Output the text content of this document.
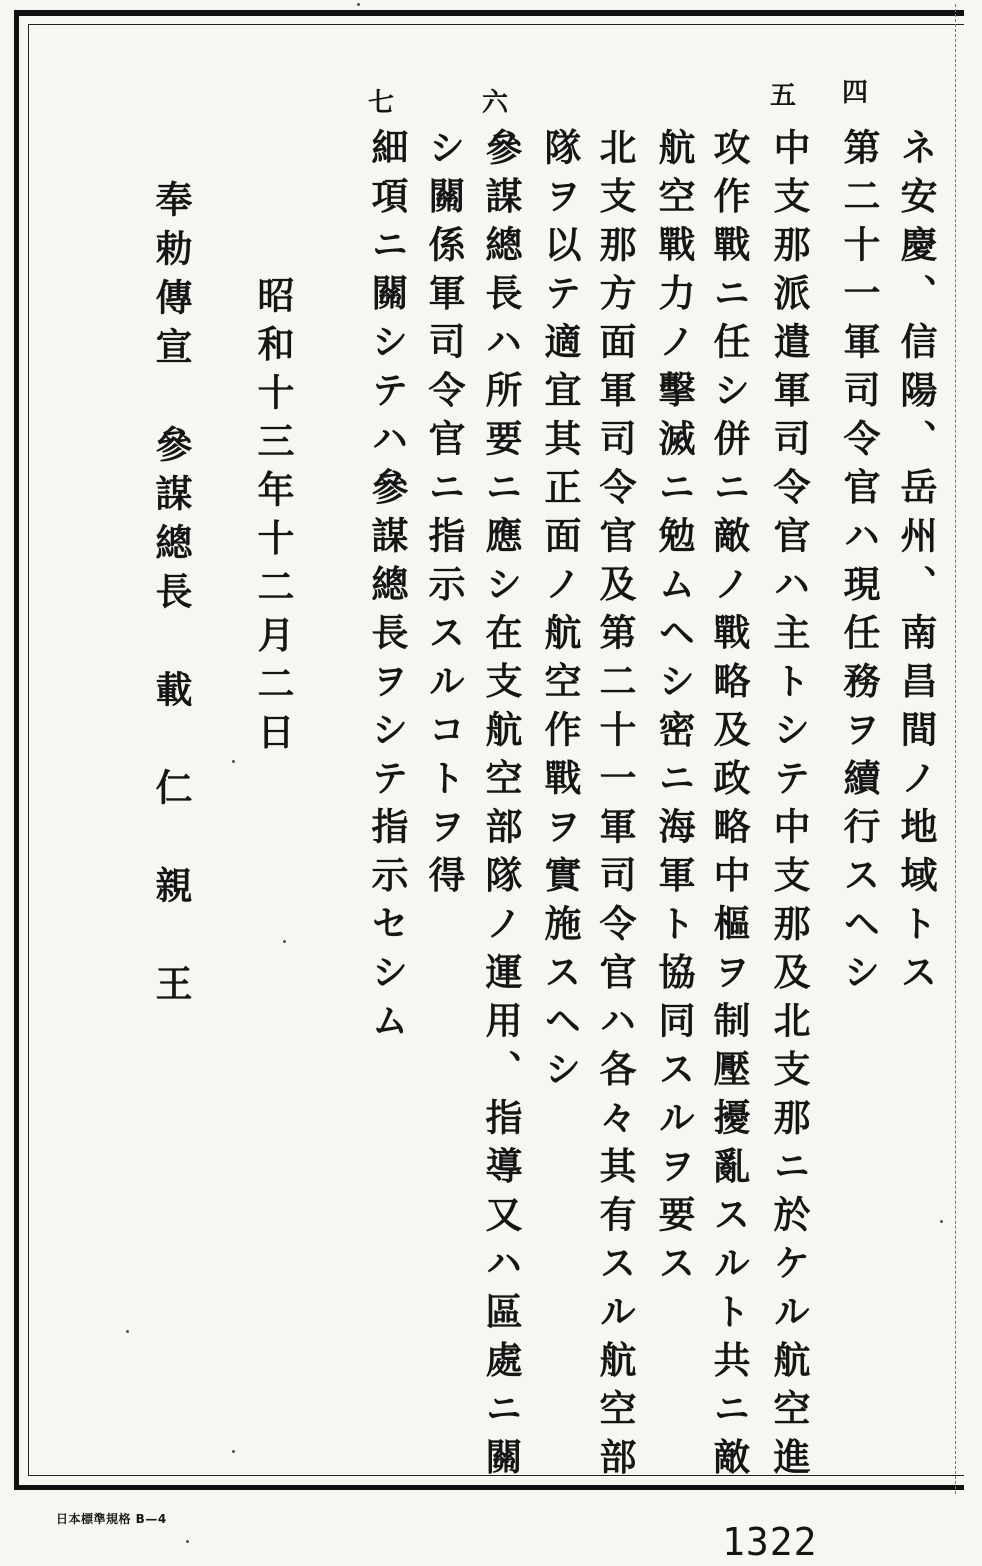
ネ安慶、信陽、岳州、南昌間ノ地域トス
四
第二十一軍司令官ハ現任務ヲ續行スヘシ
五
中支那派遣軍司令官ハ主トシテ中支那及北支那ニ於ケル航空進
攻作戰ニ任シ併ニ敵ノ戰略及政略中樞ヲ制壓擾亂スルト共ニ敵
航空戰力ノ擊滅ニ勉ムヘシ密ニ海軍ト協同スルヲ要ス
北支那方面軍司令官及第二十一軍司令官ハ各々其有スル航空部
隊ヲ以テ適宜其正面ノ航空作戰ヲ實施スヘシ
六
參謀總長ハ所要ニ應シ在支航空部隊ノ運用、指導又ハ區處ニ關
シ關係軍司令官ニ指示スルコトヲ得
七
細項ニ關シテハ參謀總長ヲシテ指示セシム
昭和十三年十二月二日
奉勅傳宣　參謀總長　載　仁　親　王
日本標準規格 B—4
1322
